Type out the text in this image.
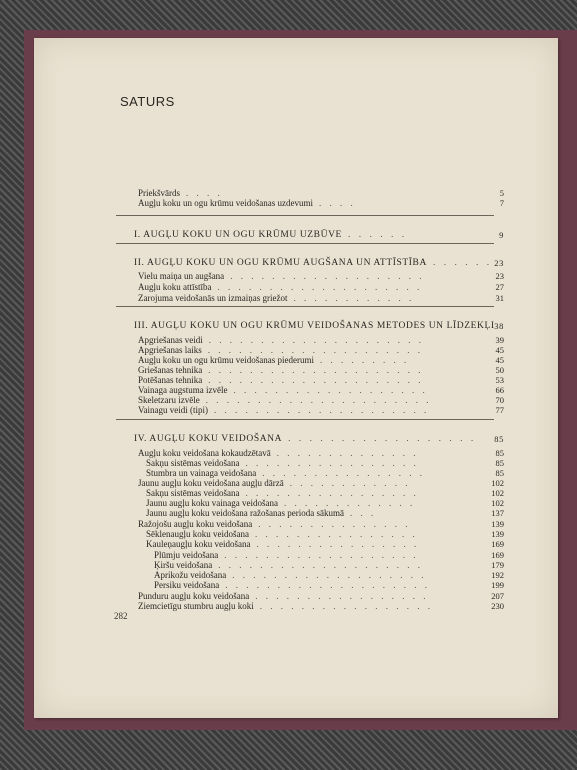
SATURS
Priekšvārds . . . .	5
Augļu koku un ogu krūmu veidošanas uzdevumi . . . .	7
I. AUGĻU KOKU UN OGU KRŪMU UZBŪVE . . . . . .	9
II. AUGĻU KOKU UN OGU KRŪMU AUGŠANA UN ATTĪSTĪBA . . . . . . 23
Vielu maiņa un augšana . . . . . . . . . . . . . . . . . . .	23
Augļu koku attīstība . . . . . . . . . . . . . . . . . . . .	27
Zarojuma veidošanās un izmaiņas griežot . . . . . . . . . . . .	31
III. AUGĻU KOKU UN OGU KRŪMU VEIDOŠANAS METODES UN LĪDZEKĻI 38
Apgriešanas veidi . . . . . . . . . . . . . . . . . . . . .	39
Apgriešanas laiks . . . . . . . . . . . . . . . . . . . . .	45
Augļu koku un ogu krūmu veidošanas piederumi . . . . . . . . .	45
Griešanas tehnika . . . . . . . . . . . . . . . . . . . . .	50
Potēšanas tehnika . . . . . . . . . . . . . . . . . . . . .	53
Vainaga augstuma izvēle . . . . . . . . . . . . . . . . . . .	66
Skeletzaru izvēle . . . . . . . . . . . . . . . . . . . . . .	70
Vainagu veidi (tipi) . . . . . . . . . . . . . . . . . . . . .	77
IV. AUGĻU KOKU VEIDOŠANA . . . . . . . . . . . . . . . . . .	85
Augļu koku veidošana kokaudzētavā . . . . . . . . . . . . . .	85
Sakņu sistēmas veidošana . . . . . . . . . . . . . . . . .	85
Stumbra un vainaga veidošana . . . . . . . . . . . . . . . .	85
Jaunu augļu koku veidošana augļu dārzā . . . . . . . . . . . .	102
Sakņu sistēmas veidošana . . . . . . . . . . . . . . . . .	102
Jaunu augļu koku vainaga veidošana . . . . . . . . . . . . .	102
Jaunu augļu koku veidošana ražošanas perioda sākumā . . .	137
Ražojošu augļu koku veidošana . . . . . . . . . . . . . . .	139
Sēklenaugļu koku veidošana . . . . . . . . . . . . . . . .	139
Kauleņaugļu koku veidošana . . . . . . . . . . . . . . . .	169
Plūmju veidošana . . . . . . . . . . . . . . . . . . .	169
Ķiršu veidošana . . . . . . . . . . . . . . . . . . . .	179
Aprikožu veidošana . . . . . . . . . . . . . . . . . . .	192
Persiku veidošana . . . . . . . . . . . . . . . . . . . .	199
Punduru augļu koku veidošana . . . . . . . . . . . . . . . . .	207
Ziemcietīgu stumbru augļu koki . . . . . . . . . . . . . . . . .	230
282
